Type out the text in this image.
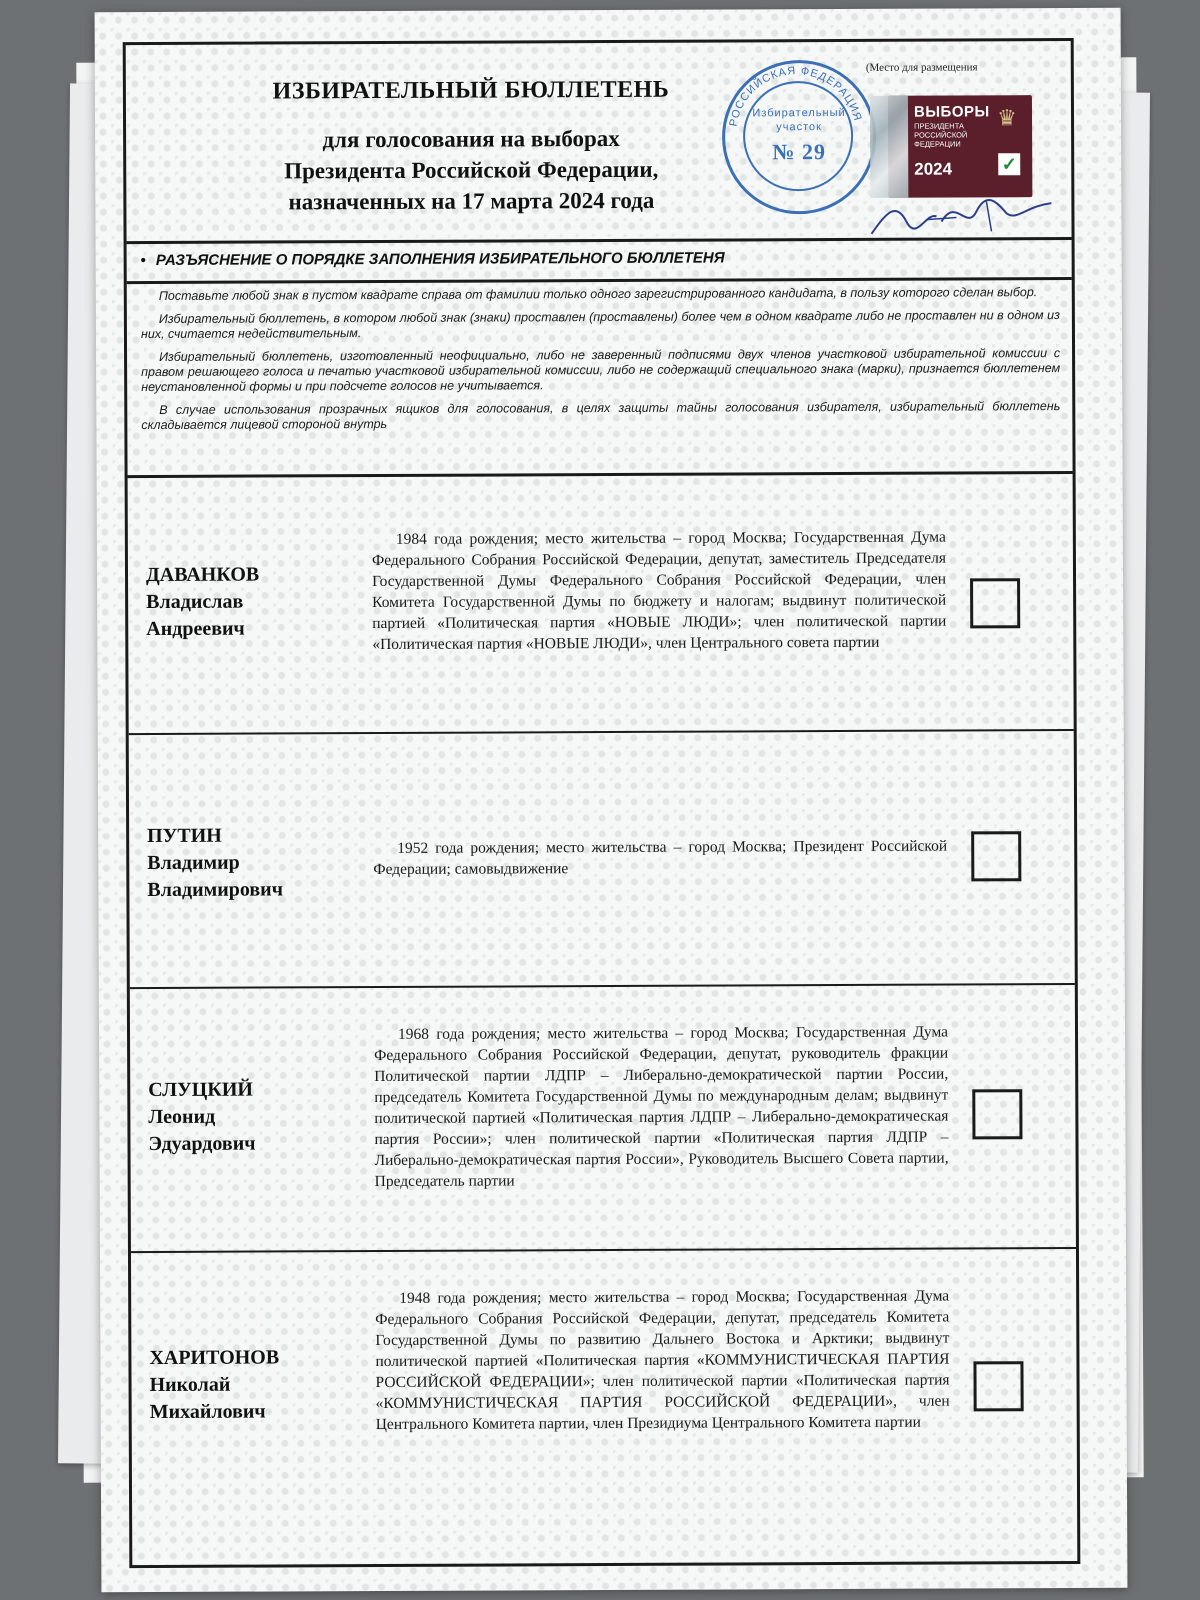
ИЗБИРАТЕЛЬНЫЙ БЮЛЛЕТЕНЬ
для голосования на выборах
Президента Российской Федерации,
назначенных на 17 марта 2024 года
РОССИЙСКАЯ ФЕДЕРАЦИЯ
Избирательный
участок
№ 29
(Место для размещения
ВЫБОРЫ
ПРЕЗИДЕНТА РОССИЙСКОЙ ФЕДЕРАЦИИ
2024
♛
✓
• РАЗЪЯСНЕНИЕ О ПОРЯДКЕ ЗАПОЛНЕНИЯ ИЗБИРАТЕЛЬНОГО БЮЛЛЕТЕНЯ

Поставьте любой знак в пустом квадрате справа от фамилии только одного зарегистрированного кандидата, в пользу которого сделан выбор.

Избирательный бюллетень, в котором любой знак (знаки) проставлен (проставлены) более чем в одном квадрате либо не проставлен ни в одном из них, считается недействительным.

Избирательный бюллетень, изготовленный неофициально, либо не заверенный подписями двух членов участковой избирательной комиссии с правом решающего голоса и печатью участковой избирательной комиссии, либо не содержащий специального знака (марки), признается бюллетенем неустановленной формы и при подсчете голосов не учитывается.

В случае использования прозрачных ящиков для голосования, в целях защиты тайны голосования избирателя, избирательный бюллетень складывается лицевой стороной внутрь

ДАВАНКОВ
Владислав
Андреевич
1984 года рождения; место жительства – город Москва; Государственная Дума Федерального Собрания Российской Федерации, депутат, заместитель Председателя Государственной Думы Федерального Собрания Российской Федерации, член Комитета Государственной Думы по бюджету и налогам; выдвинут политической партией «Политическая партия «НОВЫЕ ЛЮДИ»; член политической партии «Политическая партия «НОВЫЕ ЛЮДИ», член Центрального совета партии
ПУТИН
Владимир
Владимирович
1952 года рождения; место жительства – город Москва; Президент Российской Федерации; самовыдвижение
СЛУЦКИЙ
Леонид
Эдуардович
1968 года рождения; место жительства – город Москва; Государственная Дума Федерального Собрания Российской Федерации, депутат, руководитель фракции Политической партии ЛДПР – Либерально-демократической партии России, председатель Комитета Государственной Думы по международным делам; выдвинут политической партией «Политическая партия ЛДПР – Либерально-демократическая партия России»; член политической партии «Политическая партия ЛДПР – Либерально-демократическая партия России», Руководитель Высшего Совета партии, Председатель партии
ХАРИТОНОВ
Николай
Михайлович
1948 года рождения; место жительства – город Москва; Государственная Дума Федерального Собрания Российской Федерации, депутат, председатель Комитета Государственной Думы по развитию Дальнего Востока и Арктики; выдвинут политической партией «Политическая партия «КОММУНИСТИЧЕСКАЯ ПАРТИЯ РОССИЙСКОЙ ФЕДЕРАЦИИ»; член политической партии «Политическая партия «КОММУНИСТИЧЕСКАЯ ПАРТИЯ РОССИЙСКОЙ ФЕДЕРАЦИИ», член Центрального Комитета партии, член Президиума Центрального Комитета партии
